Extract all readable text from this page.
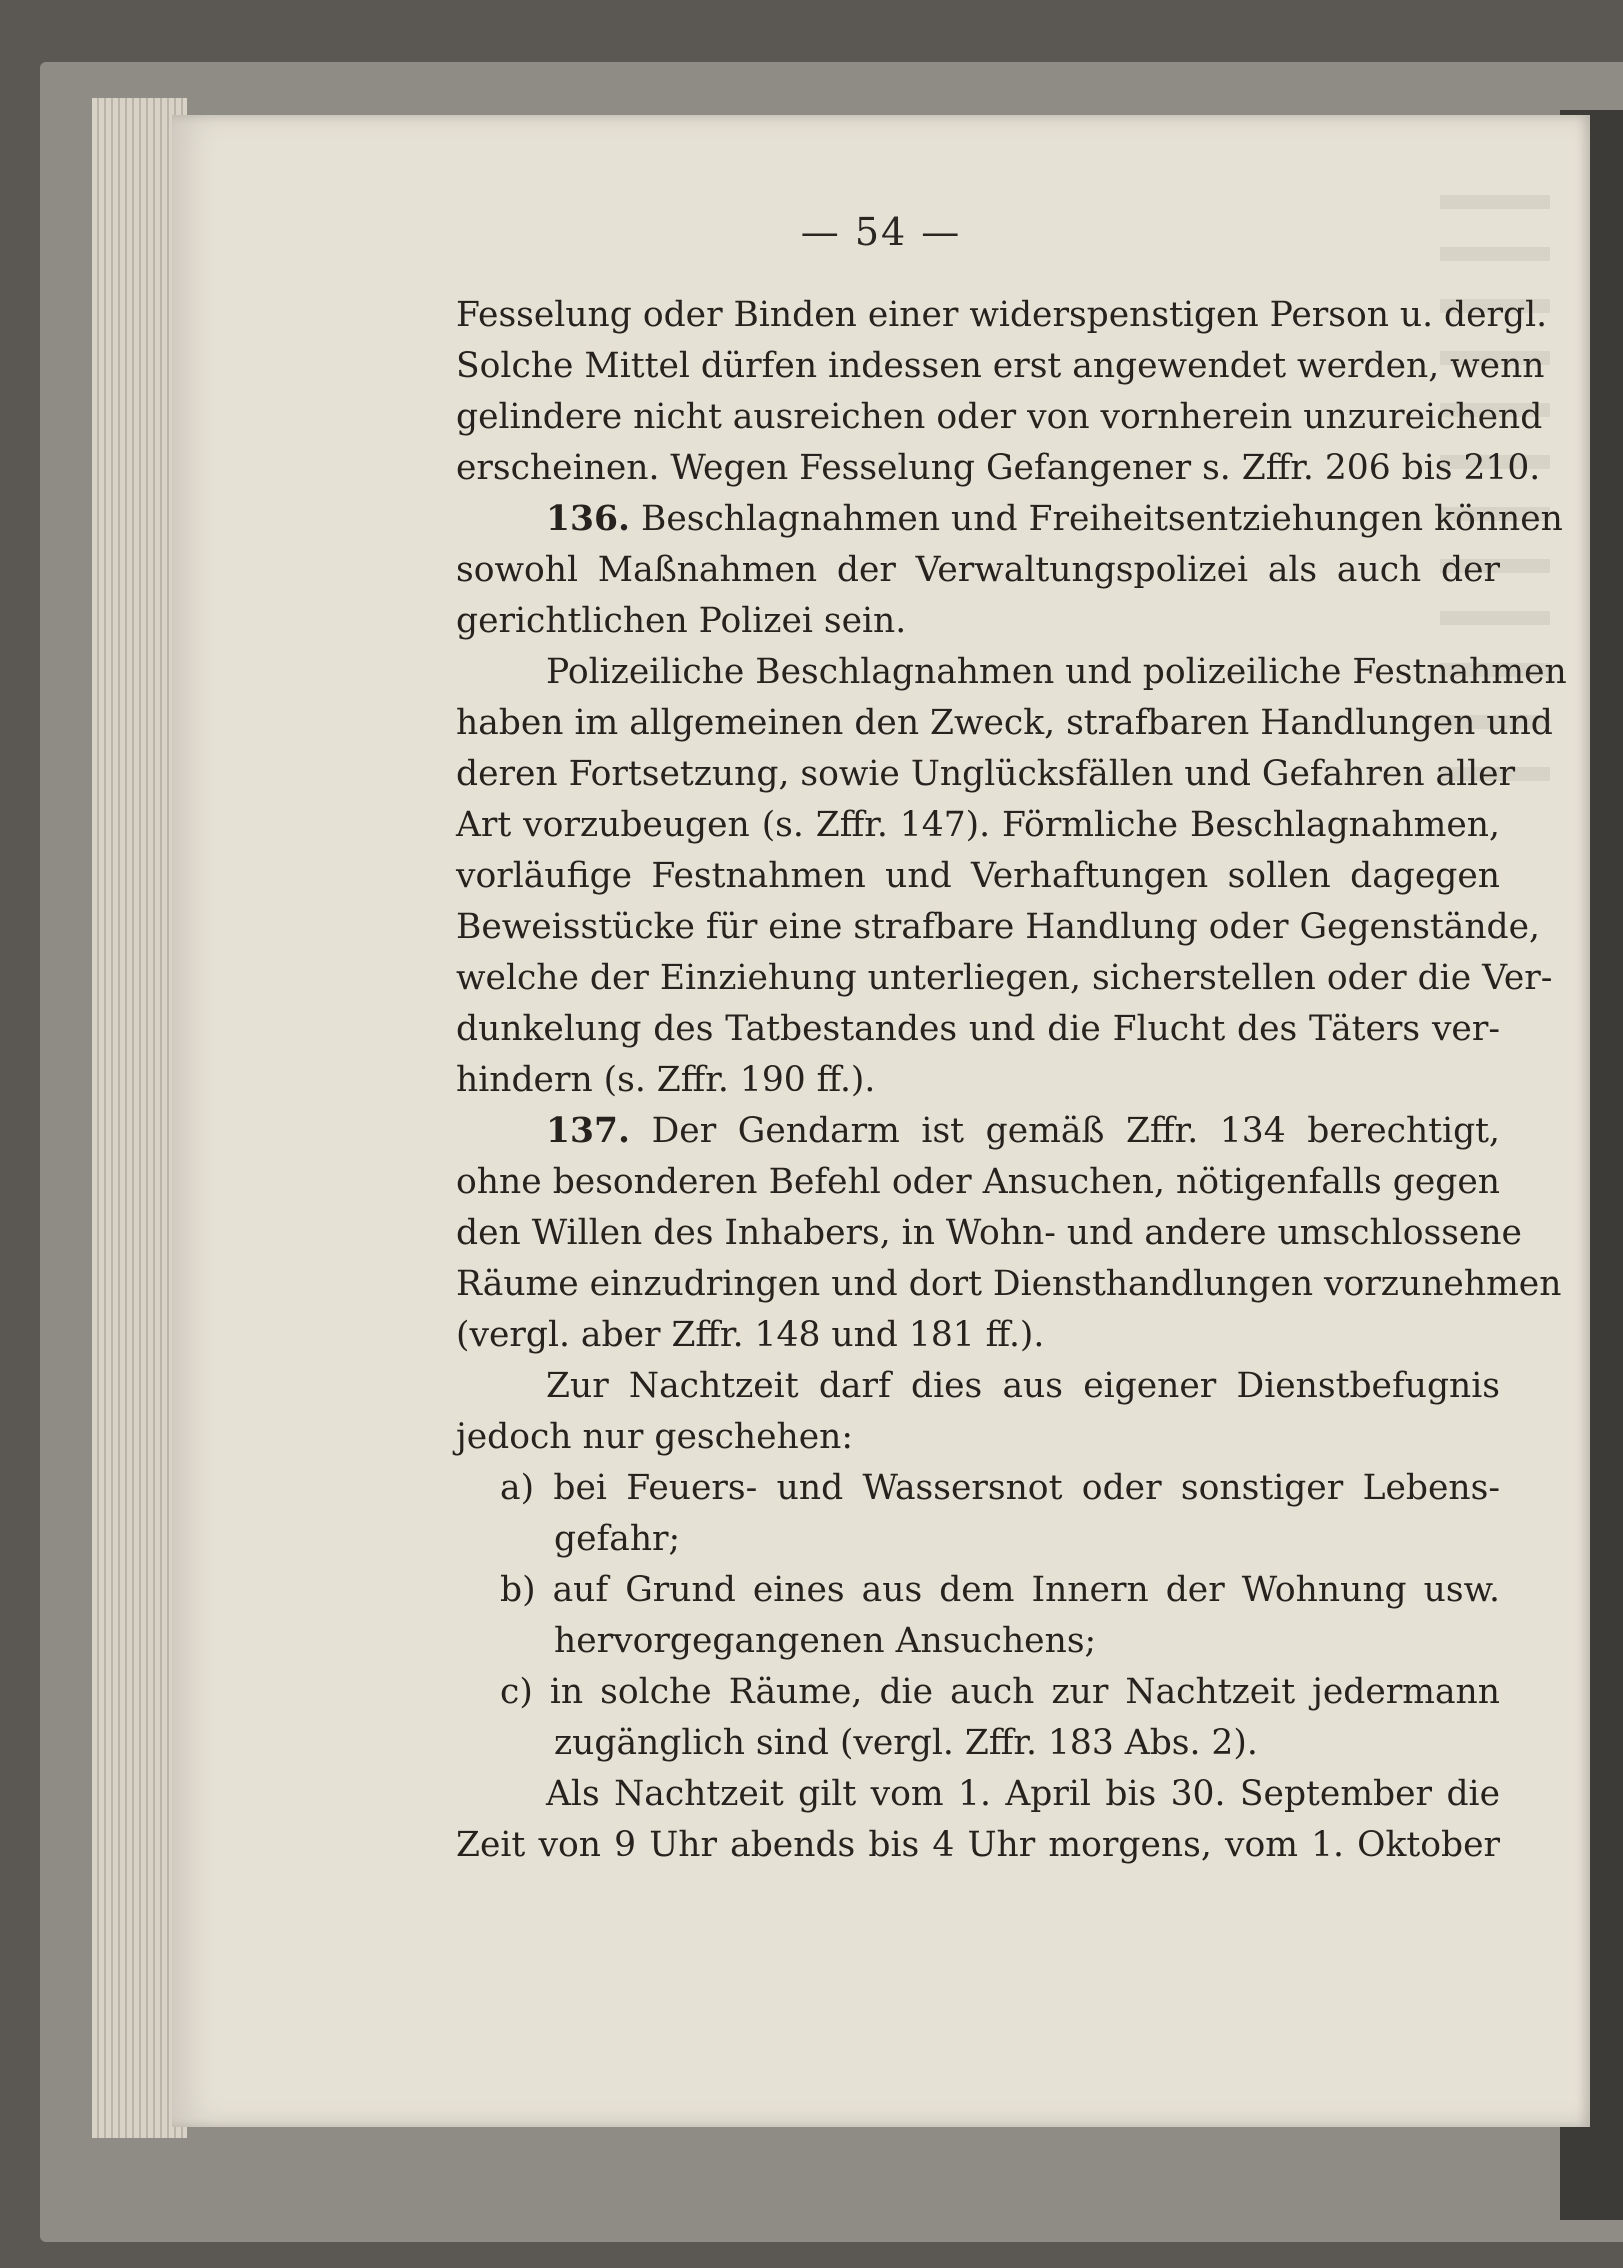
— 54 —
Fesselung oder Binden einer widerspenstigen Person u. dergl.
Solche Mittel dürfen indessen erst angewendet werden, wenn
gelindere nicht ausreichen oder von vornherein unzureichend
erscheinen. Wegen Fesselung Gefangener s. Zffr. 206 bis 210.
136. Beschlagnahmen und Freiheitsentziehungen können
sowohl Maßnahmen der Verwaltungspolizei als auch der
gerichtlichen Polizei sein.
Polizeiliche Beschlagnahmen und polizeiliche Festnahmen
haben im allgemeinen den Zweck, strafbaren Handlungen und
deren Fortsetzung, sowie Unglücksfällen und Gefahren aller
Art vorzubeugen (s. Zffr. 147). Förmliche Beschlagnahmen,
vorläufige Festnahmen und Verhaftungen sollen dagegen
Beweisstücke für eine strafbare Handlung oder Gegenstände,
welche der Einziehung unterliegen, sicherstellen oder die Ver-
dunkelung des Tatbestandes und die Flucht des Täters ver-
hindern (s. Zffr. 190 ff.).
137. Der Gendarm ist gemäß Zffr. 134 berechtigt,
ohne besonderen Befehl oder Ansuchen, nötigenfalls gegen
den Willen des Inhabers, in Wohn- und andere umschlossene
Räume einzudringen und dort Diensthandlungen vorzunehmen
(vergl. aber Zffr. 148 und 181 ff.).
Zur Nachtzeit darf dies aus eigener Dienstbefugnis
jedoch nur geschehen:
a) bei Feuers- und Wassersnot oder sonstiger Lebens-
gefahr;
b) auf Grund eines aus dem Innern der Wohnung usw.
hervorgegangenen Ansuchens;
c) in solche Räume, die auch zur Nachtzeit jedermann
zugänglich sind (vergl. Zffr. 183 Abs. 2).
Als Nachtzeit gilt vom 1. April bis 30. September die
Zeit von 9 Uhr abends bis 4 Uhr morgens, vom 1. Oktober
